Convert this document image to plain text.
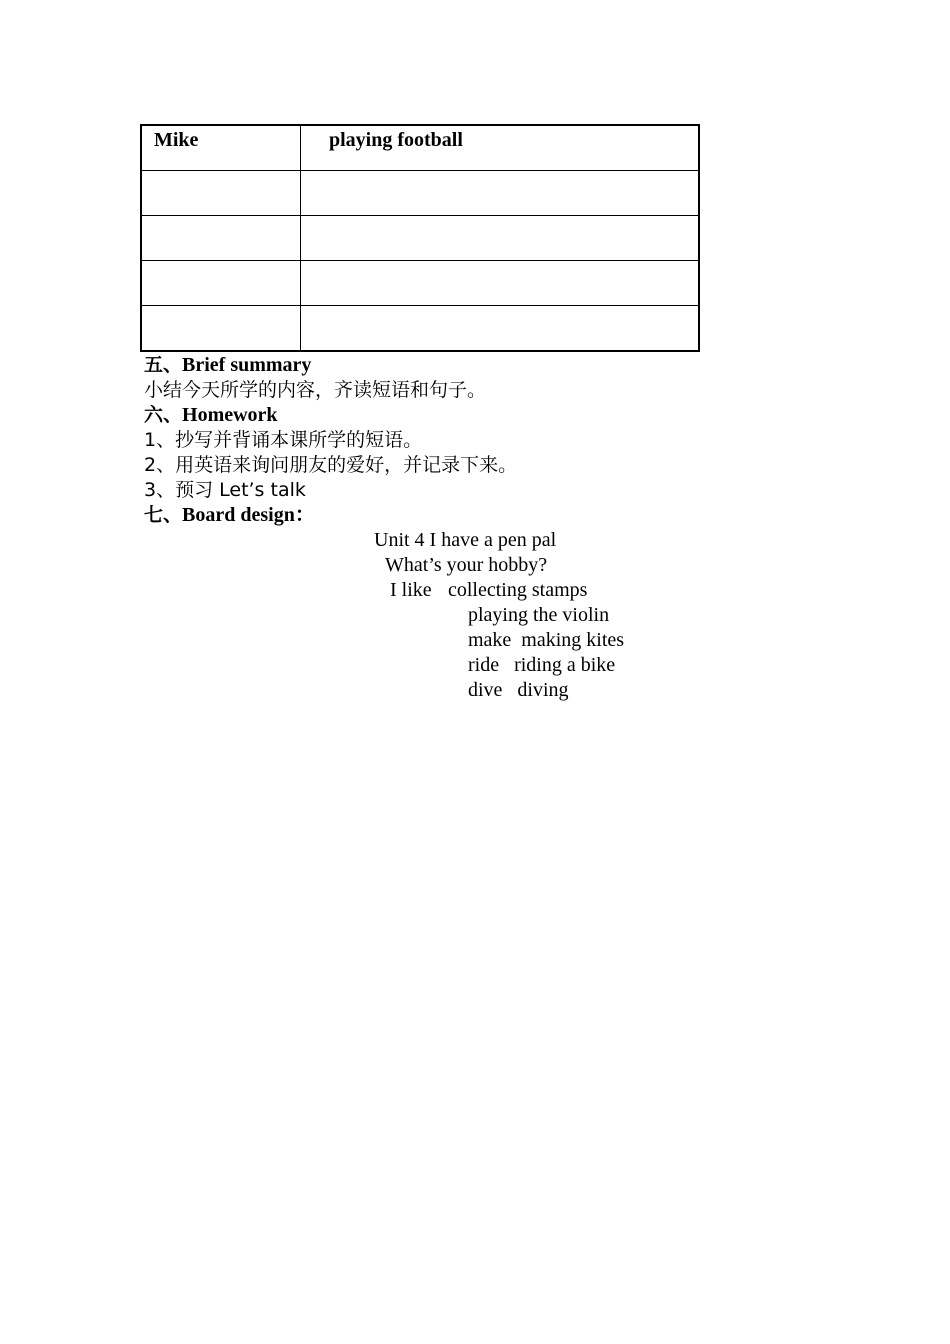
Mike	playing football

五、Brief summary
小结今天所学的内容，齐读短语和句子。
六、Homework
1、抄写并背诵本课所学的短语。
2、用英语来询问朋友的爱好，并记录下来。
3、预习 Let’s talk
七、Board design：
Unit 4 I have a pen pal
What’s your hobby?
I like collecting stamps
playing the violin
make  making kites
ride   riding a bike
dive   diving
